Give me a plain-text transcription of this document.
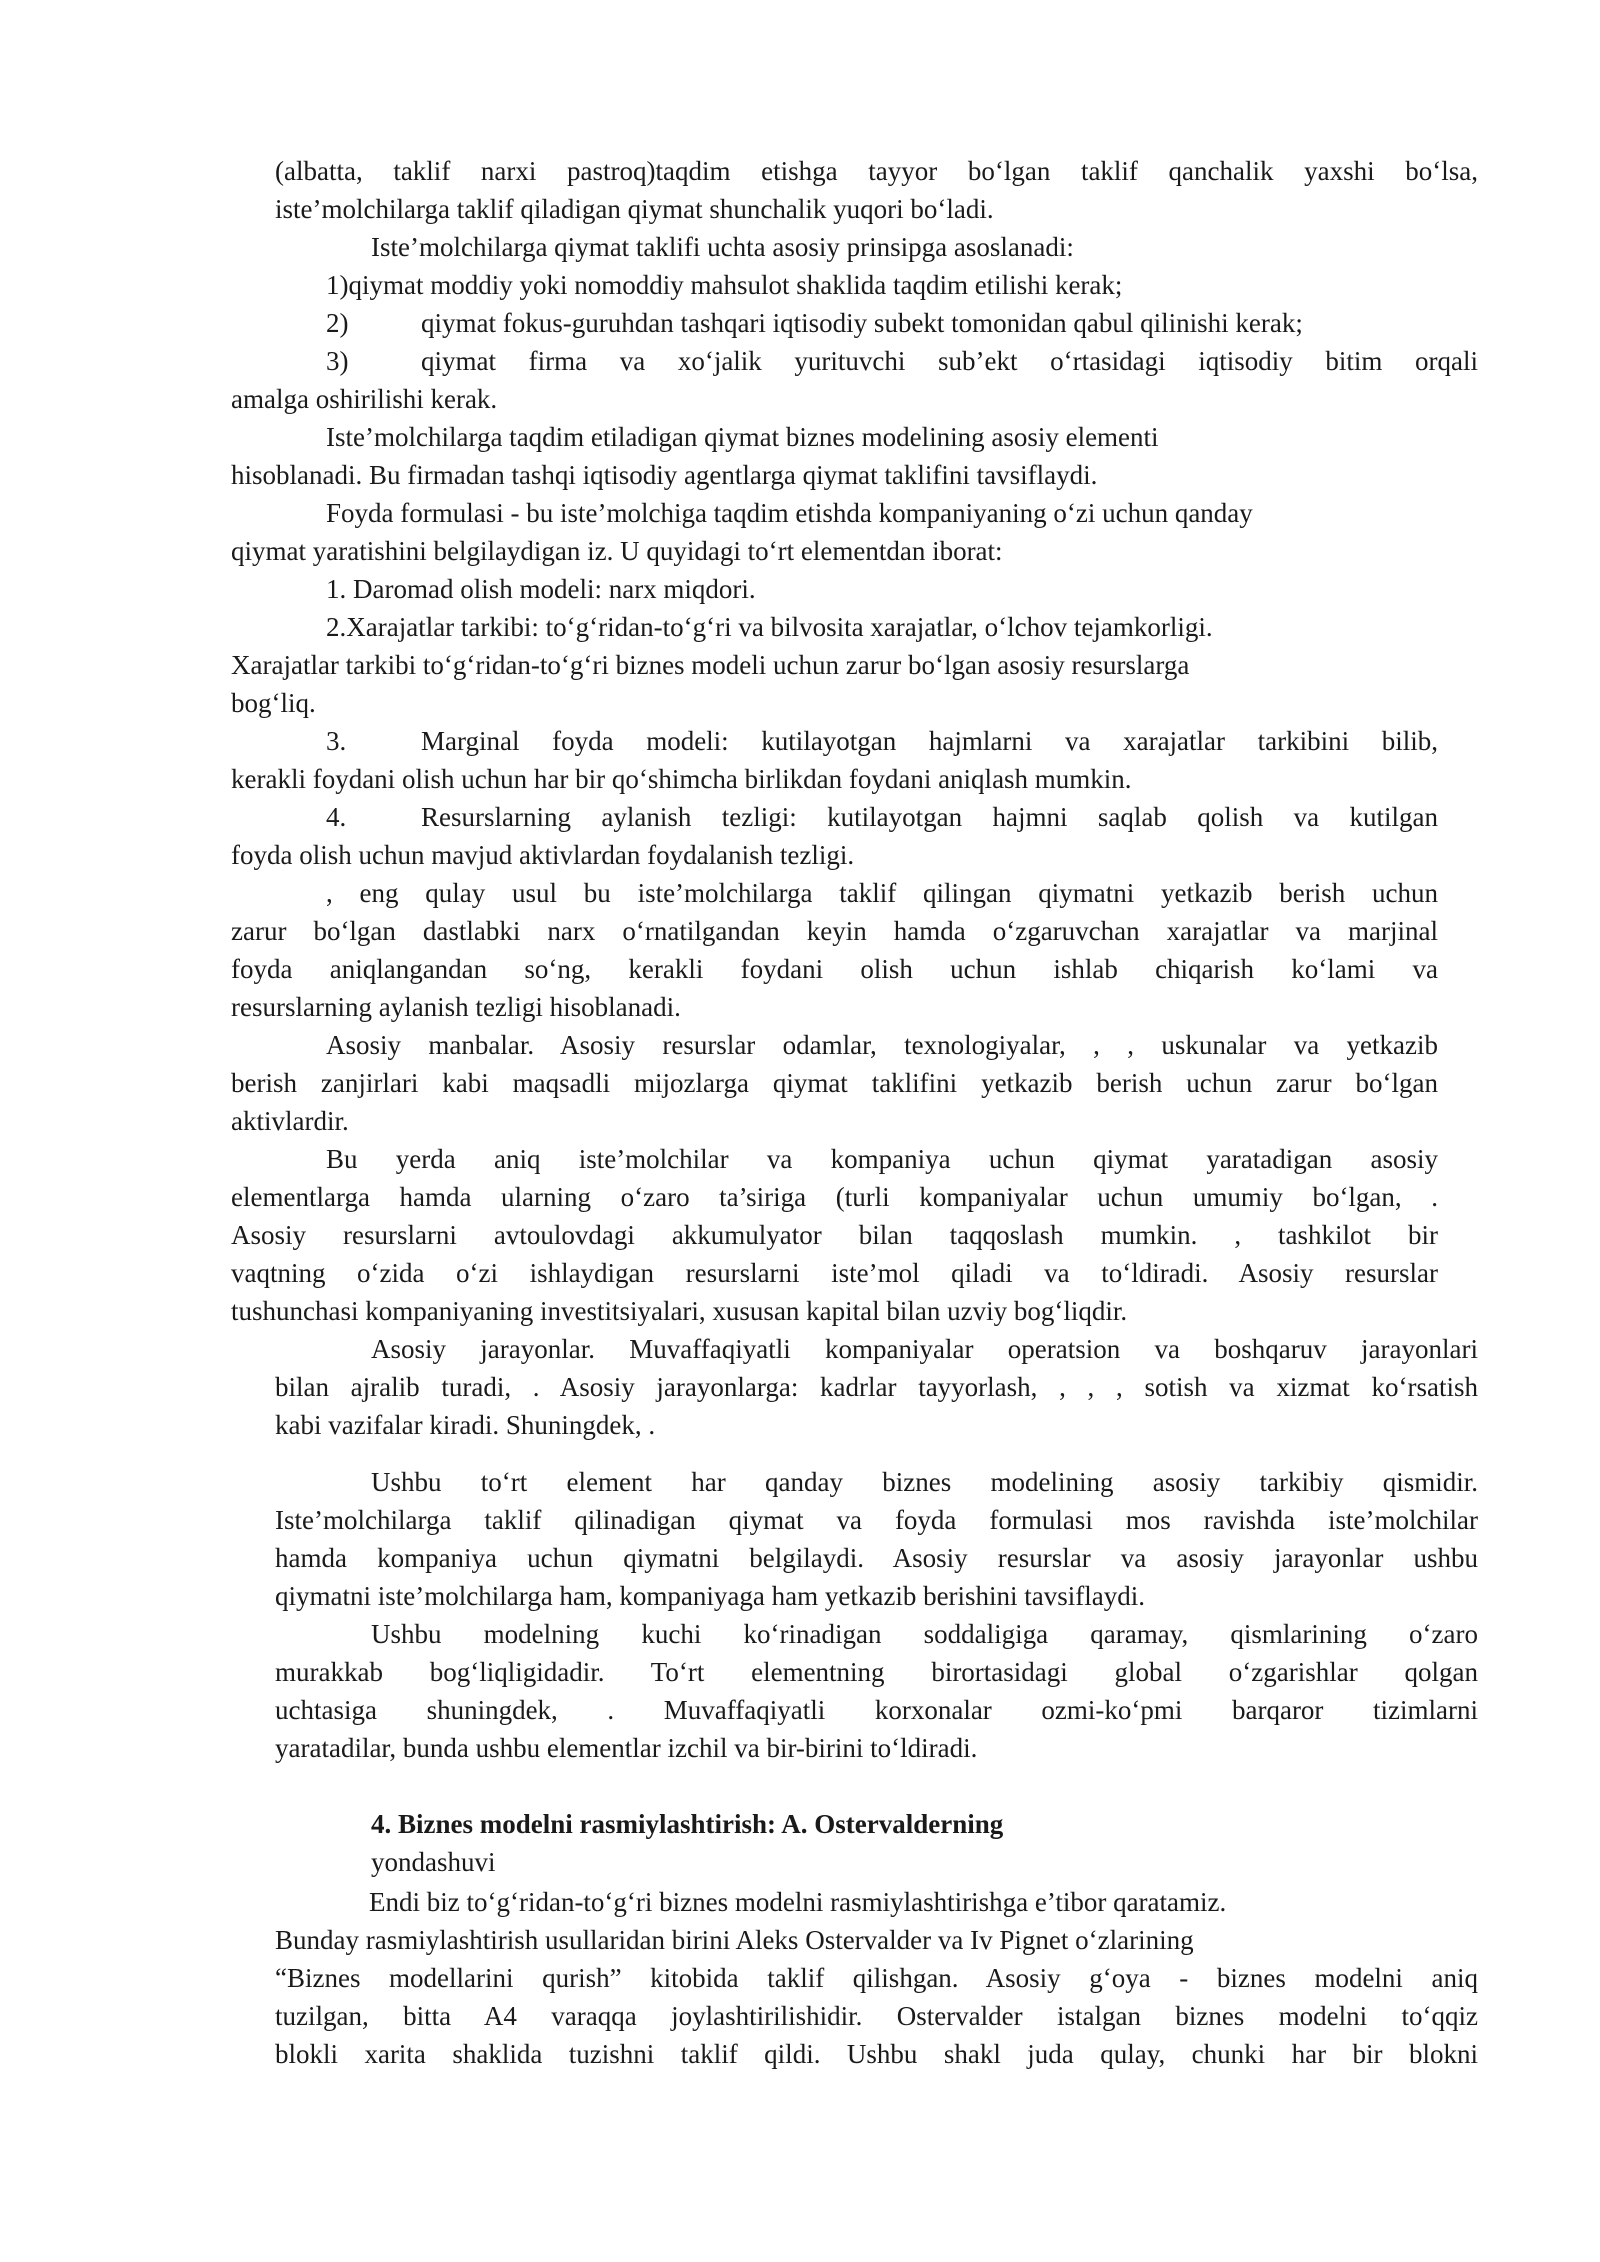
(albatta, taklif narxi pastroq)taqdim etishga tayyor bo‘lgan taklif qanchalik yaxshi bo‘lsa,
iste’molchilarga taklif qiladigan qiymat shunchalik yuqori bo‘ladi.
Iste’molchilarga qiymat taklifi uchta asosiy prinsipga asoslanadi:
1)qiymat moddiy yoki nomoddiy mahsulot shaklida taqdim etilishi kerak;
2)	qiymat fokus-guruhdan tashqari iqtisodiy subekt tomonidan qabul qilinishi kerak;
3)	qiymat firma va xo‘jalik yurituvchi sub’ekt o‘rtasidagi iqtisodiy bitim orqali
amalga oshirilishi kerak.
Iste’molchilarga taqdim etiladigan qiymat biznes modelining asosiy elementi
hisoblanadi. Bu firmadan tashqi iqtisodiy agentlarga qiymat taklifini tavsiflaydi.
Foyda formulasi - bu iste’molchiga taqdim etishda kompaniyaning o‘zi uchun qanday
qiymat yaratishini belgilaydigan iz. U quyidagi to‘rt elementdan iborat:
1. Daromad olish modeli: narx miqdori.
2.Xarajatlar tarkibi: to‘g‘ridan-to‘g‘ri va bilvosita xarajatlar, o‘lchov tejamkorligi.
Xarajatlar tarkibi to‘g‘ridan-to‘g‘ri biznes modeli uchun zarur bo‘lgan asosiy resurslarga
bog‘liq.
3.	Marginal foyda modeli: kutilayotgan hajmlarni va xarajatlar tarkibini bilib,
kerakli foydani olish uchun har bir qo‘shimcha birlikdan foydani aniqlash mumkin.
4.	Resurslarning aylanish tezligi: kutilayotgan hajmni saqlab qolish va kutilgan
foyda olish uchun mavjud aktivlardan foydalanish tezligi.
, eng qulay usul bu iste’molchilarga taklif qilingan qiymatni yetkazib berish uchun
zarur bo‘lgan dastlabki narx o‘rnatilgandan keyin hamda o‘zgaruvchan xarajatlar va marjinal
foyda aniqlangandan so‘ng, kerakli foydani olish uchun ishlab chiqarish ko‘lami va
resurslarning aylanish tezligi hisoblanadi.
Asosiy manbalar. Asosiy resurslar odamlar, texnologiyalar, , , uskunalar va yetkazib
berish zanjirlari kabi maqsadli mijozlarga qiymat taklifini yetkazib berish uchun zarur bo‘lgan
aktivlardir.
Bu yerda aniq iste’molchilar va kompaniya uchun qiymat yaratadigan asosiy
elementlarga hamda ularning o‘zaro ta’siriga (turli kompaniyalar uchun umumiy bo‘lgan, .
Asosiy resurslarni avtoulovdagi akkumulyator bilan taqqoslash mumkin. , tashkilot bir
vaqtning o‘zida o‘zi ishlaydigan resurslarni iste’mol qiladi va to‘ldiradi. Asosiy resurslar
tushunchasi kompaniyaning investitsiyalari, xususan kapital bilan uzviy bog‘liqdir.
Asosiy jarayonlar. Muvaffaqiyatli kompaniyalar operatsion va boshqaruv jarayonlari
bilan ajralib turadi, . Asosiy jarayonlarga: kadrlar tayyorlash, , , , sotish va xizmat ko‘rsatish
kabi vazifalar kiradi. Shuningdek, .
Ushbu to‘rt element har qanday biznes modelining asosiy tarkibiy qismidir.
Iste’molchilarga taklif qilinadigan qiymat va foyda formulasi mos ravishda iste’molchilar
hamda kompaniya uchun qiymatni belgilaydi. Asosiy resurslar va asosiy jarayonlar ushbu
qiymatni iste’molchilarga ham, kompaniyaga ham yetkazib berishini tavsiflaydi.
Ushbu modelning kuchi ko‘rinadigan soddaligiga qaramay, qismlarining o‘zaro
murakkab bog‘liqligidadir. To‘rt elementning birortasidagi global o‘zgarishlar qolgan
uchtasiga shuningdek, . Muvaffaqiyatli korxonalar ozmi-ko‘pmi barqaror tizimlarni
yaratadilar, bunda ushbu elementlar izchil va bir-birini to‘ldiradi.
4. Biznes modelni rasmiylashtirish: A. Ostervalderning
yondashuvi
Endi biz to‘g‘ridan-to‘g‘ri biznes modelni rasmiylashtirishga e’tibor qaratamiz.
Bunday rasmiylashtirish usullaridan birini Aleks Ostervalder va Iv Pignet o‘zlarining
“Biznes modellarini qurish” kitobida taklif qilishgan. Asosiy g‘oya - biznes modelni aniq
tuzilgan, bitta A4 varaqqa joylashtirilishidir. Ostervalder istalgan biznes modelni to‘qqiz
blokli xarita shaklida tuzishni taklif qildi. Ushbu shakl juda qulay, chunki har bir blokni
